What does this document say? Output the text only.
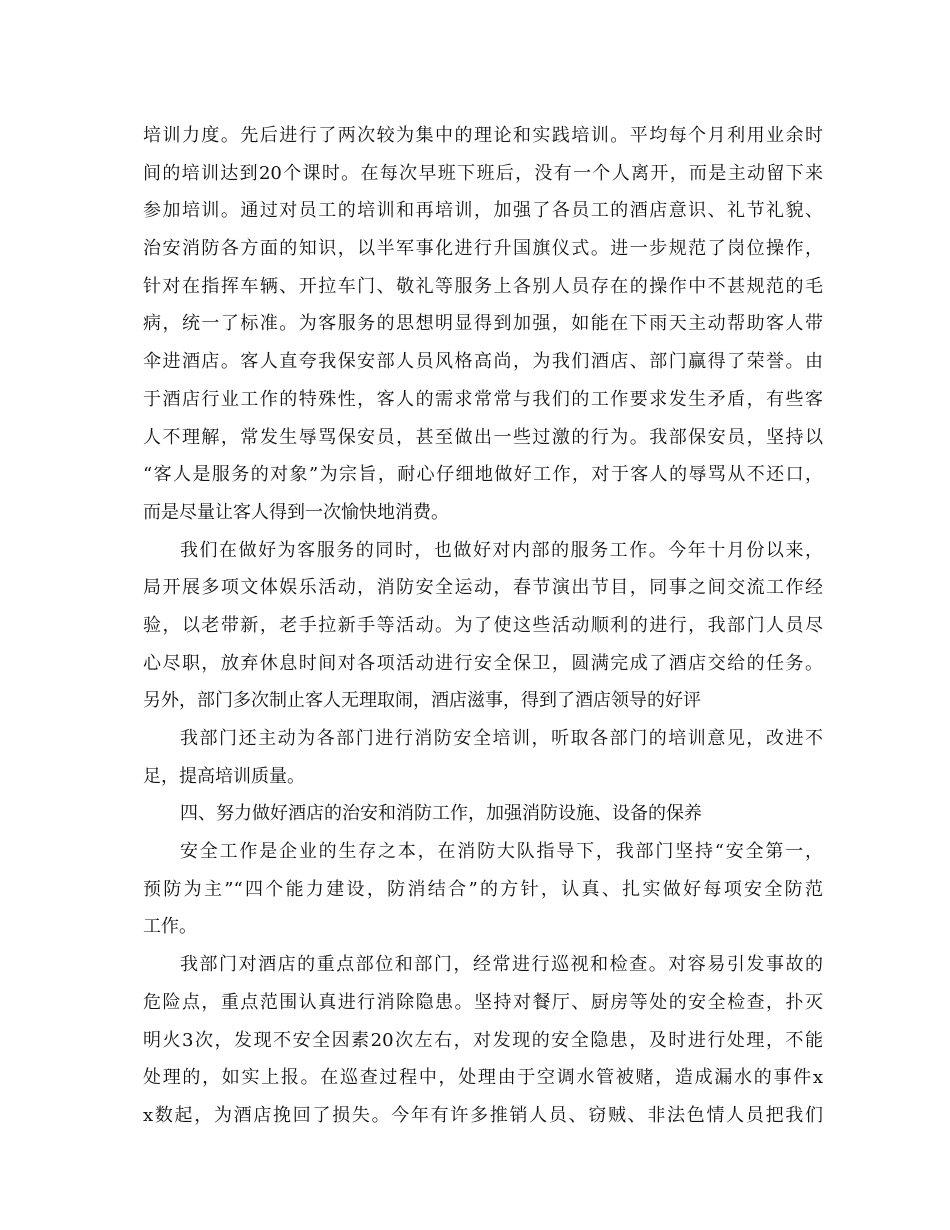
培训力度。先后进行了两次较为集中的理论和实践培训。平均每个月利用业余时
间的培训达到20个课时。在每次早班下班后，没有一个人离开，而是主动留下来
参加培训。通过对员工的培训和再培训，加强了各员工的酒店意识、礼节礼貌、
治安消防各方面的知识，以半军事化进行升国旗仪式。进一步规范了岗位操作，
针对在指挥车辆、开拉车门、敬礼等服务上各别人员存在的操作中不甚规范的毛
病，统一了标准。为客服务的思想明显得到加强，如能在下雨天主动帮助客人带
伞进酒店。客人直夸我保安部人员风格高尚，为我们酒店、部门赢得了荣誉。由
于酒店行业工作的特殊性，客人的需求常常与我们的工作要求发生矛盾，有些客
人不理解，常发生辱骂保安员，甚至做出一些过激的行为。我部保安员，坚持以
“客人是服务的对象”为宗旨，耐心仔细地做好工作，对于客人的辱骂从不还口，
而是尽量让客人得到一次愉快地消费。
我们在做好为客服务的同时，也做好对内部的服务工作。今年十月份以来，
局开展多项文体娱乐活动，消防安全运动，春节演出节目，同事之间交流工作经
验，以老带新，老手拉新手等活动。为了使这些活动顺利的进行，我部门人员尽
心尽职，放弃休息时间对各项活动进行安全保卫，圆满完成了酒店交给的任务。
另外，部门多次制止客人无理取闹，酒店滋事，得到了酒店领导的好评
我部门还主动为各部门进行消防安全培训，听取各部门的培训意见，改进不
足，提高培训质量。
四、努力做好酒店的治安和消防工作，加强消防设施、设备的保养
安全工作是企业的生存之本，在消防大队指导下，我部门坚持“安全第一，
预防为主”“四个能力建设，防消结合”的方针，认真、扎实做好每项安全防范
工作。
我部门对酒店的重点部位和部门，经常进行巡视和检查。对容易引发事故的
危险点，重点范围认真进行消除隐患。坚持对餐厅、厨房等处的安全检查，扑灭
明火3次，发现不安全因素20次左右，对发现的安全隐患，及时进行处理，不能
处理的，如实上报。在巡查过程中，处理由于空调水管被赌，造成漏水的事件x
x数起，为酒店挽回了损失。今年有许多推销人员、窃贼、非法色情人员把我们
